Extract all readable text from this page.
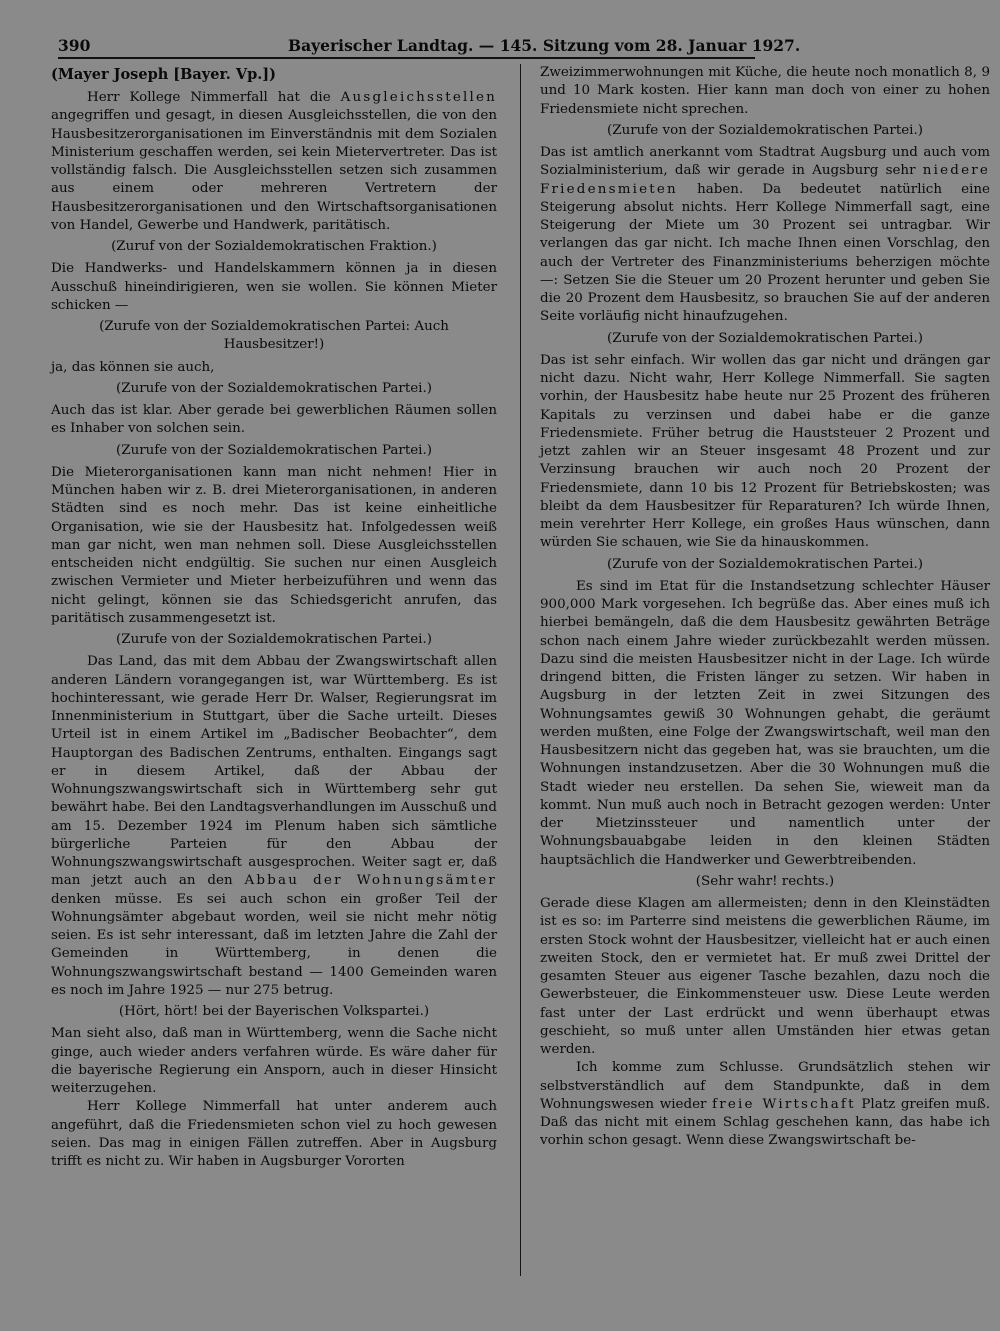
390	Bayerischer Landtag. — 145. Sitzung vom 28. Januar 1927.

(Mayer Joseph [Bayer. Vp.])

Herr Kollege Nimmerfall hat die Ausgleichsstellen angegriffen und gesagt, in diesen Ausgleichsstellen, die von den Hausbesitzerorganisationen im Einverständnis mit dem Sozialen Ministerium geschaffen werden, sei kein Mietervertreter. Das ist vollständig falsch. Die Ausgleichsstellen setzen sich zusammen aus einem oder mehreren Vertretern der Hausbesitzerorganisationen und den Wirtschaftsorganisationen von Handel, Gewerbe und Handwerk, paritätisch.

(Zuruf von der Sozialdemokratischen Fraktion.)

Die Handwerks- und Handelskammern können ja in diesen Ausschuß hineindirigieren, wen sie wollen. Sie können Mieter schicken —

(Zurufe von der Sozialdemokratischen Partei: Auch Hausbesitzer!)

ja, das können sie auch,

(Zurufe von der Sozialdemokratischen Partei.)

Auch das ist klar. Aber gerade bei gewerblichen Räumen sollen es Inhaber von solchen sein.

(Zurufe von der Sozialdemokratischen Partei.)

Die Mieterorganisationen kann man nicht nehmen! Hier in München haben wir z. B. drei Mieterorganisationen, in anderen Städten sind es noch mehr. Das ist keine einheitliche Organisation, wie sie der Hausbesitz hat. Infolgedessen weiß man gar nicht, wen man nehmen soll. Diese Ausgleichsstellen entscheiden nicht endgültig. Sie suchen nur einen Ausgleich zwischen Vermieter und Mieter herbeizuführen und wenn das nicht gelingt, können sie das Schiedsgericht anrufen, das paritätisch zusammengesetzt ist.

(Zurufe von der Sozialdemokratischen Partei.)

Das Land, das mit dem Abbau der Zwangswirtschaft allen anderen Ländern vorangegangen ist, war Württemberg. Es ist hochinteressant, wie gerade Herr Dr. Walser, Regierungsrat im Innenministerium in Stuttgart, über die Sache urteilt. Dieses Urteil ist in einem Artikel im „Badischer Beobachter“, dem Hauptorgan des Badischen Zentrums, enthalten. Eingangs sagt er in diesem Artikel, daß der Abbau der Wohnungszwangswirtschaft sich in Württemberg sehr gut bewährt habe. Bei den Landtagsverhandlungen im Ausschuß und am 15. Dezember 1924 im Plenum haben sich sämtliche bürgerliche Parteien für den Abbau der Wohnungszwangswirtschaft ausgesprochen. Weiter sagt er, daß man jetzt auch an den Abbau der Wohnungsämter denken müsse. Es sei auch schon ein großer Teil der Wohnungsämter abgebaut worden, weil sie nicht mehr nötig seien. Es ist sehr interessant, daß im letzten Jahre die Zahl der Gemeinden in Württemberg, in denen die Wohnungszwangswirtschaft bestand — 1400 Gemeinden waren es noch im Jahre 1925 — nur 275 betrug.

(Hört, hört! bei der Bayerischen Volkspartei.)

Man sieht also, daß man in Württemberg, wenn die Sache nicht ginge, auch wieder anders verfahren würde. Es wäre daher für die bayerische Regierung ein Ansporn, auch in dieser Hinsicht weiterzugehen.

Herr Kollege Nimmerfall hat unter anderem auch angeführt, daß die Friedensmieten schon viel zu hoch gewesen seien. Das mag in einigen Fällen zutreffen. Aber in Augsburg trifft es nicht zu. Wir haben in Augsburger Vororten

Zweizimmerwohnungen mit Küche, die heute noch monatlich 8, 9 und 10 Mark kosten. Hier kann man doch von einer zu hohen Friedensmiete nicht sprechen.

(Zurufe von der Sozialdemokratischen Partei.)

Das ist amtlich anerkannt vom Stadtrat Augsburg und auch vom Sozialministerium, daß wir gerade in Augsburg sehr niedere Friedensmieten haben. Da bedeutet natürlich eine Steigerung absolut nichts. Herr Kollege Nimmerfall sagt, eine Steigerung der Miete um 30 Prozent sei untragbar. Wir verlangen das gar nicht. Ich mache Ihnen einen Vorschlag, den auch der Vertreter des Finanzministeriums beherzigen möchte —: Setzen Sie die Steuer um 20 Prozent herunter und geben Sie die 20 Prozent dem Hausbesitz, so brauchen Sie auf der anderen Seite vorläufig nicht hinaufzugehen.

(Zurufe von der Sozialdemokratischen Partei.)

Das ist sehr einfach. Wir wollen das gar nicht und drängen gar nicht dazu. Nicht wahr, Herr Kollege Nimmerfall. Sie sagten vorhin, der Hausbesitz habe heute nur 25 Prozent des früheren Kapitals zu verzinsen und dabei habe er die ganze Friedensmiete. Früher betrug die Hauststeuer 2 Prozent und jetzt zahlen wir an Steuer insgesamt 48 Prozent und zur Verzinsung brauchen wir auch noch 20 Prozent der Friedensmiete, dann 10 bis 12 Prozent für Betriebskosten; was bleibt da dem Hausbesitzer für Reparaturen? Ich würde Ihnen, mein verehrter Herr Kollege, ein großes Haus wünschen, dann würden Sie schauen, wie Sie da hinauskommen.

(Zurufe von der Sozialdemokratischen Partei.)

Es sind im Etat für die Instandsetzung schlechter Häuser 900,000 Mark vorgesehen. Ich begrüße das. Aber eines muß ich hierbei bemängeln, daß die dem Hausbesitz gewährten Beträge schon nach einem Jahre wieder zurückbezahlt werden müssen. Dazu sind die meisten Hausbesitzer nicht in der Lage. Ich würde dringend bitten, die Fristen länger zu setzen. Wir haben in Augsburg in der letzten Zeit in zwei Sitzungen des Wohnungsamtes gewiß 30 Wohnungen gehabt, die geräumt werden mußten, eine Folge der Zwangswirtschaft, weil man den Hausbesitzern nicht das gegeben hat, was sie brauchten, um die Wohnungen instandzusetzen. Aber die 30 Wohnungen muß die Stadt wieder neu erstellen. Da sehen Sie, wieweit man da kommt. Nun muß auch noch in Betracht gezogen werden: Unter der Mietzinssteuer und namentlich unter der Wohnungsbauabgabe leiden in den kleinen Städten hauptsächlich die Handwerker und Gewerbtreibenden.

(Sehr wahr! rechts.)

Gerade diese Klagen am allermeisten; denn in den Kleinstädten ist es so: im Parterre sind meistens die gewerblichen Räume, im ersten Stock wohnt der Hausbesitzer, vielleicht hat er auch einen zweiten Stock, den er vermietet hat. Er muß zwei Drittel der gesamten Steuer aus eigener Tasche bezahlen, dazu noch die Gewerbsteuer, die Einkommensteuer usw. Diese Leute werden fast unter der Last erdrückt und wenn überhaupt etwas geschieht, so muß unter allen Umständen hier etwas getan werden.

Ich komme zum Schlusse. Grundsätzlich stehen wir selbstverständlich auf dem Standpunkte, daß in dem Wohnungswesen wieder freie Wirtschaft Platz greifen muß. Daß das nicht mit einem Schlag geschehen kann, das habe ich vorhin schon gesagt. Wenn diese Zwangswirtschaft be-
